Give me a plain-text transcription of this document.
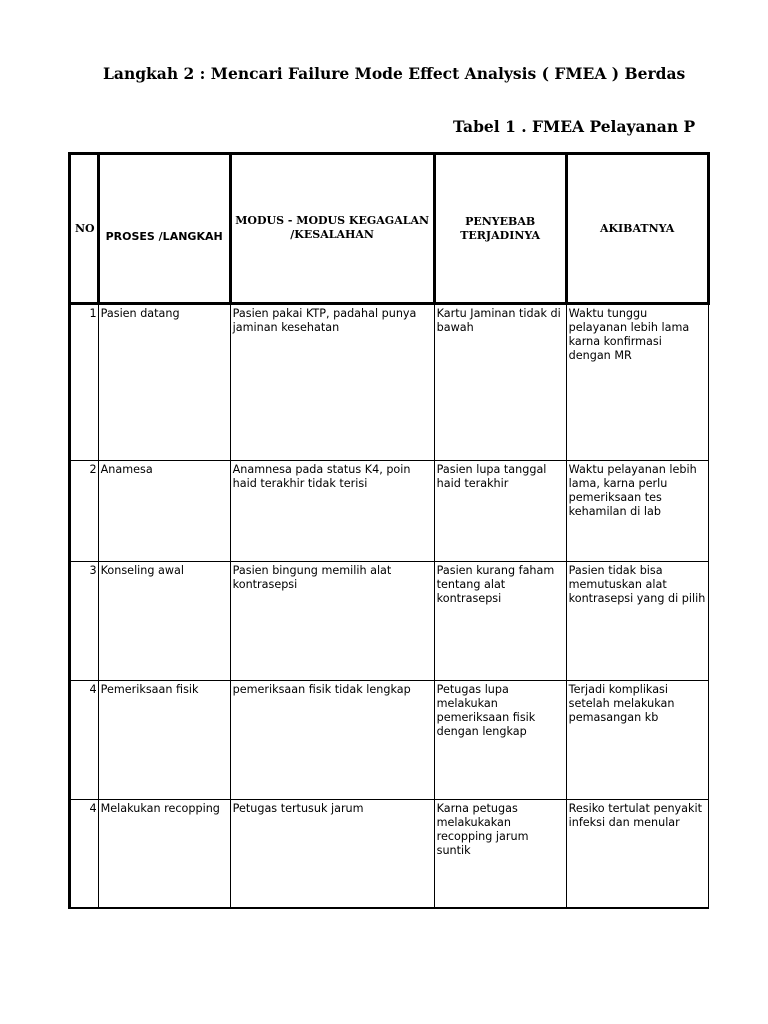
Langkah 2 : Mencari Failure Mode Effect Analysis ( FMEA ) Berdas
Tabel 1 . FMEA Pelayanan P
NO	PROSES /LANGKAH	MODUS - MODUS KEGAGALAN /KESALAHAN	PENYEBAB TERJADINYA	AKIBATNYA
1	Pasien datang	Pasien pakai KTP, padahal punya jaminan kesehatan	Kartu Jaminan tidak di bawah	Waktu tunggu pelayanan lebih lama karna konfirmasi dengan MR
2	Anamesa	Anamnesa pada status K4, poin haid terakhir tidak terisi	Pasien lupa tanggal haid terakhir	Waktu pelayanan lebih lama, karna perlu pemeriksaan tes kehamilan di lab
3	Konseling awal	Pasien bingung memilih alat kontrasepsi	Pasien kurang faham tentang alat kontrasepsi	Pasien tidak bisa memutuskan alat kontrasepsi yang di pilih
4	Pemeriksaan fisik	pemeriksaan fisik tidak lengkap	Petugas lupa melakukan pemeriksaan fisik dengan lengkap	Terjadi komplikasi setelah melakukan pemasangan kb
4	Melakukan recopping	Petugas tertusuk jarum	Karna petugas melakukakan recopping jarum suntik	Resiko tertulat penyakit infeksi dan menular
